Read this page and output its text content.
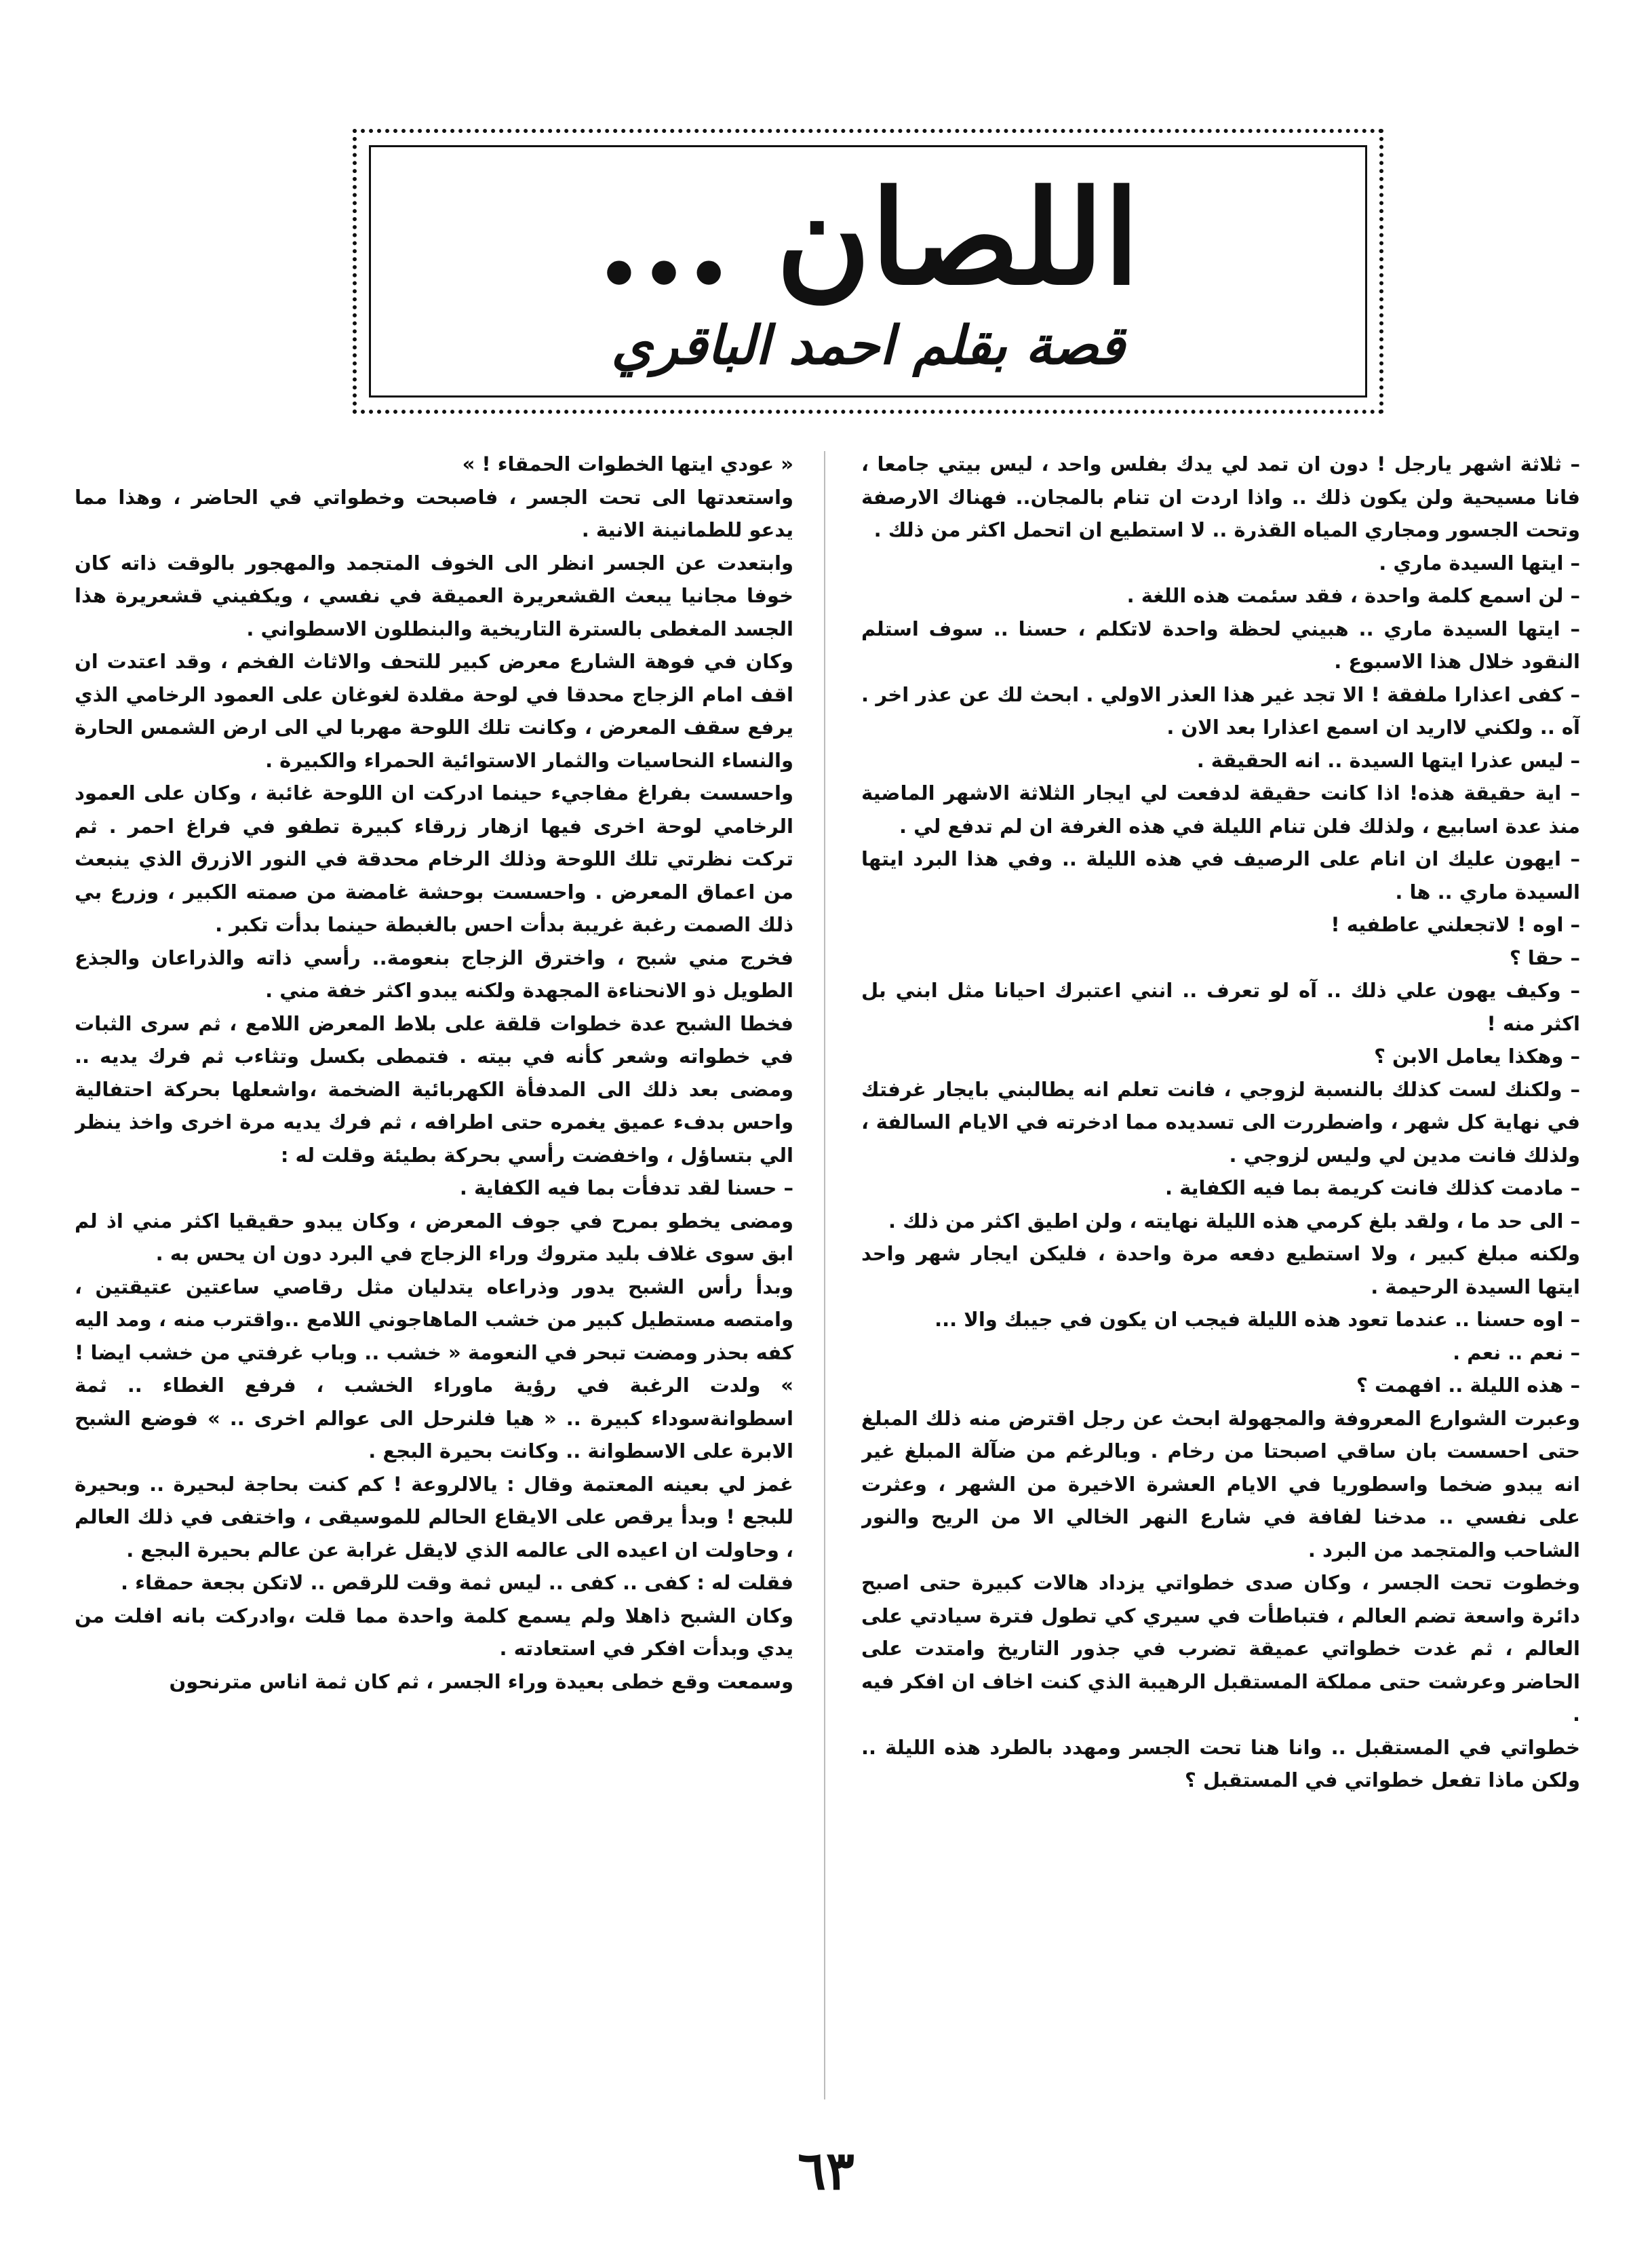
اللصان ...
قصة بقلم احمد الباقري

– ثلاثة اشهر يارجل ! دون ان تمد لي يدك بفلس واحد ، ليس بيتي جامعا ، فانا مسيحية ولن يكون ذلك .. واذا اردت ان تنام بالمجان.. فهناك الارصفة وتحت الجسور ومجاري المياه القذرة .. لا استطيع ان اتحمل اكثر من ذلك .

– ايتها السيدة ماري .

– لن اسمع كلمة واحدة ، فقد سئمت هذه اللغة .

– ايتها السيدة ماري .. هبيني لحظة واحدة لاتكلم ، حسنا .. سوف استلم النقود خلال هذا الاسبوع .

– كفى اعذارا ملفقة ! الا تجد غير هذا العذر الاولي . ابحث لك عن عذر اخر . آه .. ولكني لااريد ان اسمع اعذارا بعد الان .

– ليس عذرا ايتها السيدة .. انه الحقيقة .

– اية حقيقة هذه! اذا كانت حقيقة لدفعت لي ايجار الثلاثة الاشهر الماضية منذ عدة اسابيع ، ولذلك فلن تنام الليلة في هذه الغرفة ان لم تدفع لي .

– ايهون عليك ان انام على الرصيف في هذه الليلة .. وفي هذا البرد ايتها السيدة ماري .. ها .

– اوه ! لاتجعلني عاطفيه !

– حقا ؟

– وكيف يهون علي ذلك .. آه لو تعرف .. انني اعتبرك احيانا مثل ابني بل اكثر منه !

– وهكذا يعامل الابن ؟

– ولكنك لست كذلك بالنسبة لزوجي ، فانت تعلم انه يطالبني بايجار غرفتك في نهاية كل شهر ، واضطررت الى تسديده مما ادخرته في الايام السالفة ، ولذلك فانت مدين لي وليس لزوجي .

– مادمت كذلك فانت كريمة بما فيه الكفاية .

– الى حد ما ، ولقد بلغ كرمي هذه الليلة نهايته ، ولن اطيق اكثر من ذلك .

ولكنه مبلغ كبير ، ولا استطيع دفعه مرة واحدة ، فليكن ايجار شهر واحد ايتها السيدة الرحيمة .

– اوه حسنا .. عندما تعود هذه الليلة فيجب ان يكون في جيبك والا ...

– نعم .. نعم .

– هذه الليلة .. افهمت ؟

وعبرت الشوارع المعروفة والمجهولة ابحث عن رجل اقترض منه ذلك المبلغ حتى احسست بان ساقي اصبحتا من رخام . وبالرغم من ضآلة المبلغ غير انه يبدو ضخما واسطوريا في الايام العشرة الاخيرة من الشهر ، وعثرت على نفسي .. مدخنا لفافة في شارع النهر الخالي الا من الريح والنور الشاحب والمتجمد من البرد .

وخطوت تحت الجسر ، وكان صدى خطواتي يزداد هالات كبيرة حتى اصبح دائرة واسعة تضم العالم ، فتباطأت في سيري كي تطول فترة سيادتي على العالم ، ثم غدت خطواتي عميقة تضرب في جذور التاريخ وامتدت على الحاضر وعرشت حتى مملكة المستقبل الرهيبة الذي كنت اخاف ان افكر فيه .

خطواتي في المستقبل .. وانا هنا تحت الجسر ومهدد بالطرد هذه الليلة .. ولكن ماذا تفعل خطواتي في المستقبل ؟

« عودي ايتها الخطوات الحمقاء ! »

واستعدتها الى تحت الجسر ، فاصبحت وخطواتي في الحاضر ، وهذا مما يدعو للطمانينة الانية .

وابتعدت عن الجسر انظر الى الخوف المتجمد والمهجور بالوقت ذاته كان خوفا مجانيا يبعث القشعريرة العميقة في نفسي ، ويكفيني قشعريرة هذا الجسد المغطى بالسترة التاريخية والبنطلون الاسطواني .

وكان في فوهة الشارع معرض كبير للتحف والاثاث الفخم ، وقد اعتدت ان اقف امام الزجاج محدقا في لوحة مقلدة لغوغان على العمود الرخامي الذي يرفع سقف المعرض ، وكانت تلك اللوحة مهربا لي الى ارض الشمس الحارة والنساء النحاسيات والثمار الاستوائية الحمراء والكبيرة .

واحسست بفراغ مفاجيء حينما ادركت ان اللوحة غائبة ، وكان على العمود الرخامي لوحة اخرى فيها ازهار زرقاء كبيرة تطفو في فراغ احمر . ثم تركت نظرتي تلك اللوحة وذلك الرخام محدقة في النور الازرق الذي ينبعث من اعماق المعرض . واحسست بوحشة غامضة من صمته الكبير ، وزرع بي ذلك الصمت رغبة غريبة بدأت احس بالغبطة حينما بدأت تكبر .

فخرج مني شبح ، واخترق الزجاج بنعومة.. رأسي ذاته والذراعان والجذع الطويل ذو الانحناءة المجهدة ولكنه يبدو اكثر خفة مني .

فخطا الشبح عدة خطوات قلقة على بلاط المعرض اللامع ، ثم سرى الثبات في خطواته وشعر كأنه في بيته . فتمطى بكسل وتثاءب ثم فرك يديه .. ومضى بعد ذلك الى المدفأة الكهربائية الضخمة ،واشعلها بحركة احتفالية واحس بدفء عميق يغمره حتى اطرافه ، ثم فرك يديه مرة اخرى واخذ ينظر الي بتساؤل ، واخفضت رأسي بحركة بطيئة وقلت له :

– حسنا لقد تدفأت بما فيه الكفاية .

ومضى يخطو بمرح في جوف المعرض ، وكان يبدو حقيقيا اكثر مني اذ لم ابق سوى غلاف بليد متروك وراء الزجاج في البرد دون ان يحس به .

وبدأ رأس الشبح يدور وذراعاه يتدليان مثل رقاصي ساعتين عتيقتين ، وامتصه مستطيل كبير من خشب الماهاجوني اللامع ..واقترب منه ، ومد اليه كفه بحذر ومضت تبحر في النعومة « خشب .. وباب غرفتي من خشب ايضا ! » ولدت الرغبة في رؤية ماوراء الخشب ، فرفع الغطاء .. ثمة اسطوانةسوداء كبيرة .. « هيا فلنرحل الى عوالم اخرى .. » فوضع الشبح الابرة على الاسطوانة .. وكانت بحيرة البجع .

غمز لي بعينه المعتمة وقال : يالالروعة ! كم كنت بحاجة لبحيرة .. وبحيرة للبجع ! وبدأ يرقص على الايقاع الحالم للموسيقى ، واختفى في ذلك العالم ، وحاولت ان اعيده الى عالمه الذي لايقل غرابة عن عالم بحيرة البجع .

فقلت له : كفى .. كفى .. ليس ثمة وقت للرقص .. لاتكن بجعة حمقاء .

وكان الشبح ذاهلا ولم يسمع كلمة واحدة مما قلت ،وادركت بانه افلت من يدي وبدأت افكر في استعادته .

وسمعت وقع خطى بعيدة وراء الجسر ، ثم كان ثمة اناس مترنحون

٦٣
